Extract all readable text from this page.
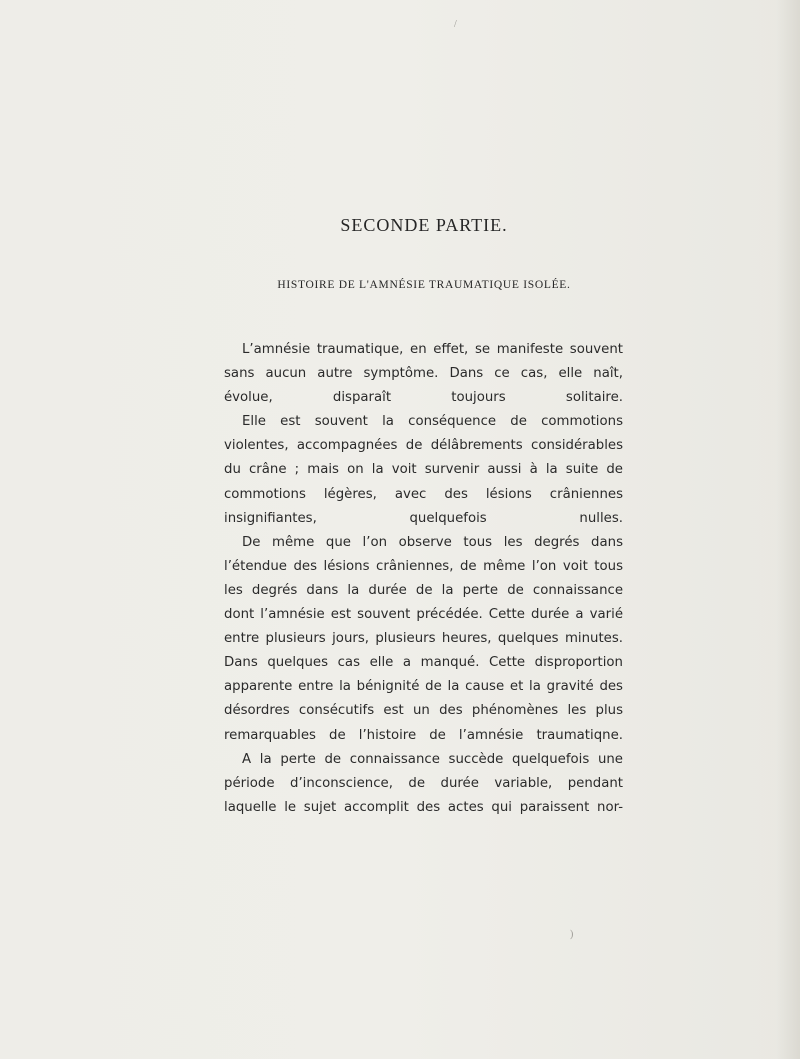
SECONDE PARTIE.
HISTOIRE DE L'AMNÉSIE TRAUMATIQUE ISOLÉE.

L’amnésie traumatique, en effet, se manifeste souvent sans aucun autre symptôme. Dans ce cas, elle naît, évolue, disparaît toujours solitaire.

Elle est souvent la conséquence de commotions violentes, accompagnées de délâbrements considérables du crâne ; mais on la voit survenir aussi à la suite de commotions légères, avec des lésions crâniennes insignifiantes, quelquefois nulles.

De même que l’on observe tous les degrés dans l’étendue des lésions crâniennes, de même l’on voit tous les degrés dans la durée de la perte de connaissance dont l’amnésie est souvent précédée. Cette durée a varié entre plusieurs jours, plusieurs heures, quelques minutes. Dans quelques cas elle a manqué. Cette disproportion apparente entre la bénignité de la cause et la gravité des désordres consécutifs est un des phénomènes les plus remarquables de l’histoire de l’amnésie traumatiqne.

A la perte de connaissance succède quelquefois une période d’inconscience, de durée variable, pendant laquelle le sujet accomplit des actes qui paraissent nor-

/
)
